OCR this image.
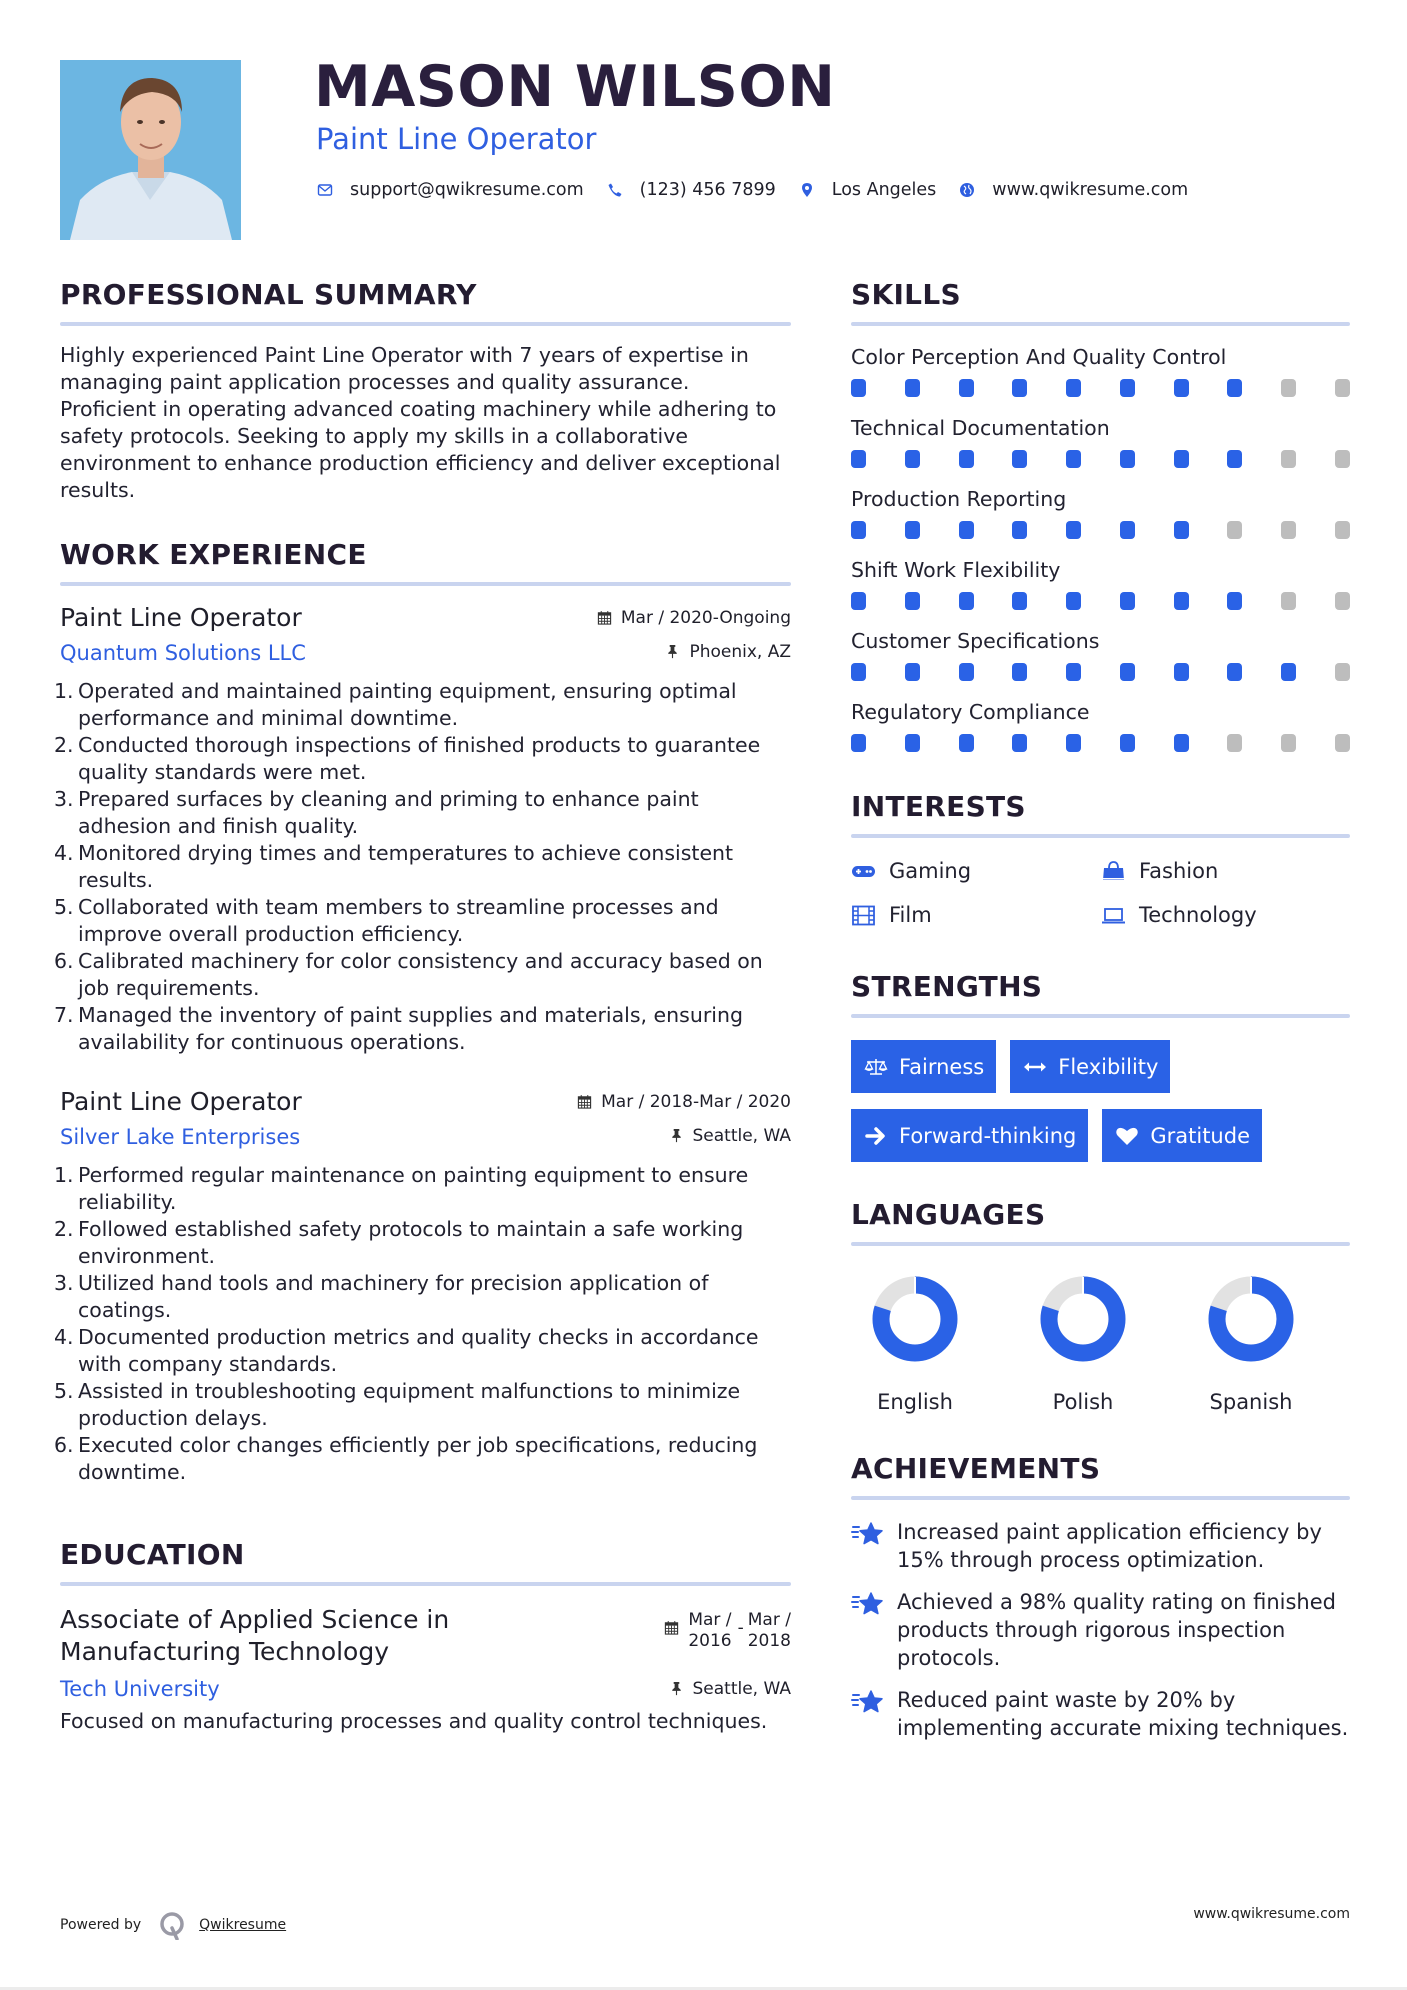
MASON WILSON
Paint Line Operator
support@qwikresume.com	(123) 456 7899	Los Angeles	www.qwikresume.com
PROFESSIONAL SUMMARY

Highly experienced Paint Line Operator with 7 years of expertise in managing paint application processes and quality assurance. Proficient in operating advanced coating machinery while adhering to safety protocols. Seeking to apply my skills in a collaborative environment to enhance production efficiency and deliver exceptional results.

WORK EXPERIENCE
Paint Line Operator
Quantum Solutions LLC
Mar / 2020-Ongoing
Phoenix, AZ
1. Operated and maintained painting equipment, ensuring optimal performance and minimal downtime.
2. Conducted thorough inspections of finished products to guarantee quality standards were met.
3. Prepared surfaces by cleaning and priming to enhance paint adhesion and finish quality.
4. Monitored drying times and temperatures to achieve consistent results.
5. Collaborated with team members to streamline processes and improve overall production efficiency.
6. Calibrated machinery for color consistency and accuracy based on job requirements.
7. Managed the inventory of paint supplies and materials, ensuring availability for continuous operations.
Paint Line Operator
Silver Lake Enterprises
Mar / 2018-Mar / 2020
Seattle, WA
1. Performed regular maintenance on painting equipment to ensure reliability.
2. Followed established safety protocols to maintain a safe working environment.
3. Utilized hand tools and machinery for precision application of coatings.
4. Documented production metrics and quality checks in accordance with company standards.
5. Assisted in troubleshooting equipment malfunctions to minimize production delays.
6. Executed color changes efficiently per job specifications, reducing downtime.
EDUCATION
Associate of Applied Science in Manufacturing Technology
Mar /
2016
- Mar /
2018
Tech University	Seattle, WA

Focused on manufacturing processes and quality control techniques.

SKILLS
Color Perception And Quality Control
Technical Documentation
Production Reporting
Shift Work Flexibility
Customer Specifications
Regulatory Compliance
INTERESTS
Gaming	Fashion
Film	Technology
STRENGTHS
Fairness	Flexibility
Forward-thinking	Gratitude
LANGUAGES
English	Polish	Spanish
ACHIEVEMENTS
Increased paint application efficiency by 15% through process optimization.
Achieved a 98% quality rating on finished products through rigorous inspection protocols.
Reduced paint waste by 20% by implementing accurate mixing techniques.
Powered by	Qwikresume
www.qwikresume.com
